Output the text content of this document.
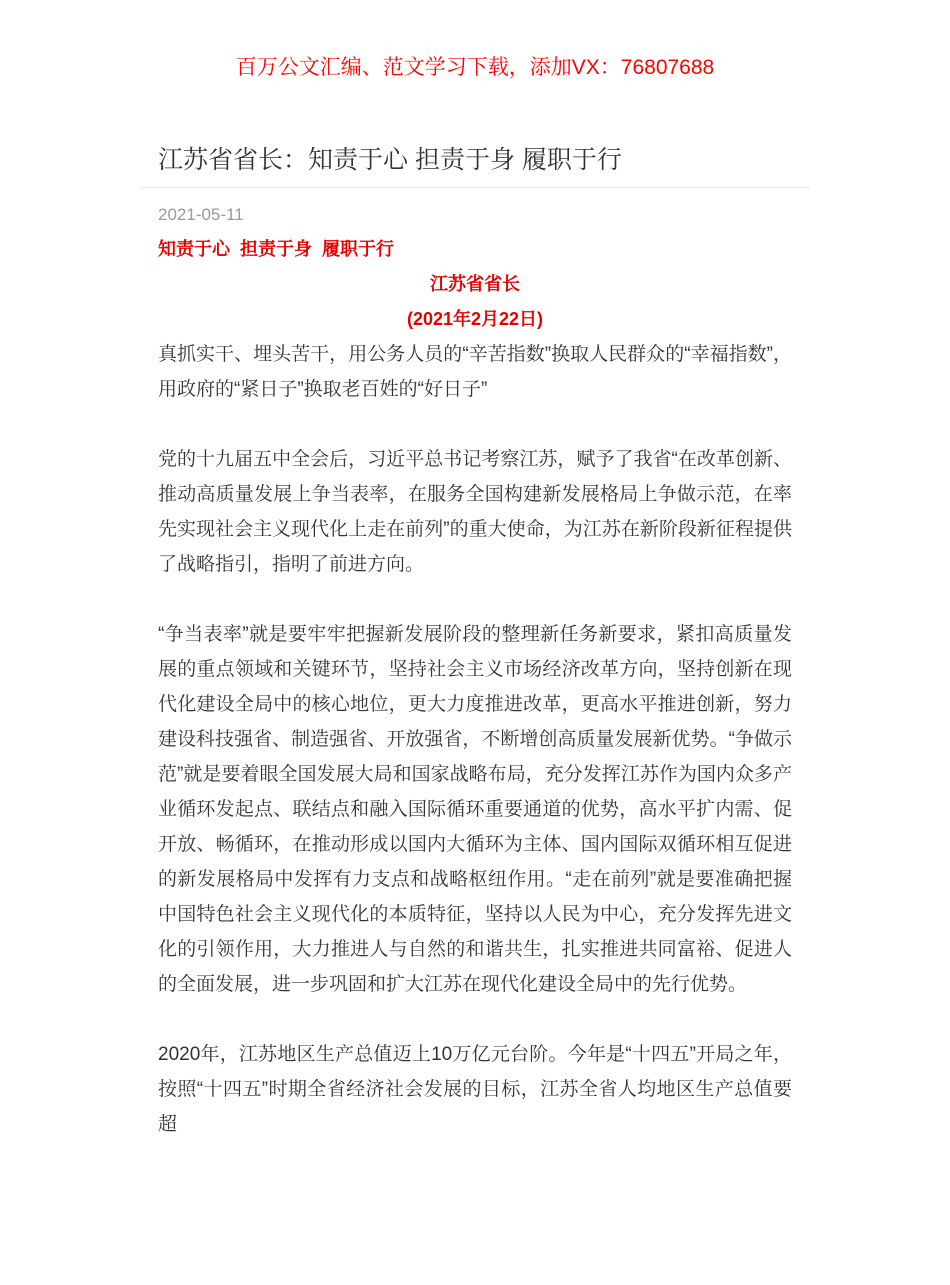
百万公文汇编、范文学习下载，添加VX：76807688
江苏省省长：知责于心 担责于身 履职于行
2021-05-11
知责于心  担责于身  履职于行
江苏省省长
(2021年2月22日)

真抓实干、埋头苦干，用公务人员的“辛苦指数”换取人民群众的“幸福指数”，用政府的“紧日子”换取老百姓的“好日子”

党的十九届五中全会后，习近平总书记考察江苏，赋予了我省“在改革创新、推动高质量发展上争当表率，在服务全国构建新发展格局上争做示范，在率先实现社会主义现代化上走在前列”的重大使命，为江苏在新阶段新征程提供了战略指引，指明了前进方向。

“争当表率”就是要牢牢把握新发展阶段的整理新任务新要求，紧扣高质量发展的重点领域和关键环节，坚持社会主义市场经济改革方向，坚持创新在现代化建设全局中的核心地位，更大力度推进改革，更高水平推进创新，努力建设科技强省、制造强省、开放强省，不断增创高质量发展新优势。“争做示范”就是要着眼全国发展大局和国家战略布局，充分发挥江苏作为国内众多产业循环发起点、联结点和融入国际循环重要通道的优势，高水平扩内需、促开放、畅循环，在推动形成以国内大循环为主体、国内国际双循环相互促进的新发展格局中发挥有力支点和战略枢纽作用。“走在前列”就是要准确把握中国特色社会主义现代化的本质特征，坚持以人民为中心，充分发挥先进文化的引领作用，大力推进人与自然的和谐共生，扎实推进共同富裕、促进人的全面发展，进一步巩固和扩大江苏在现代化建设全局中的先行优势。

2020年，江苏地区生产总值迈上10万亿元台阶。今年是“十四五”开局之年，按照“十四五”时期全省经济社会发展的目标，江苏全省人均地区生产总值要超
